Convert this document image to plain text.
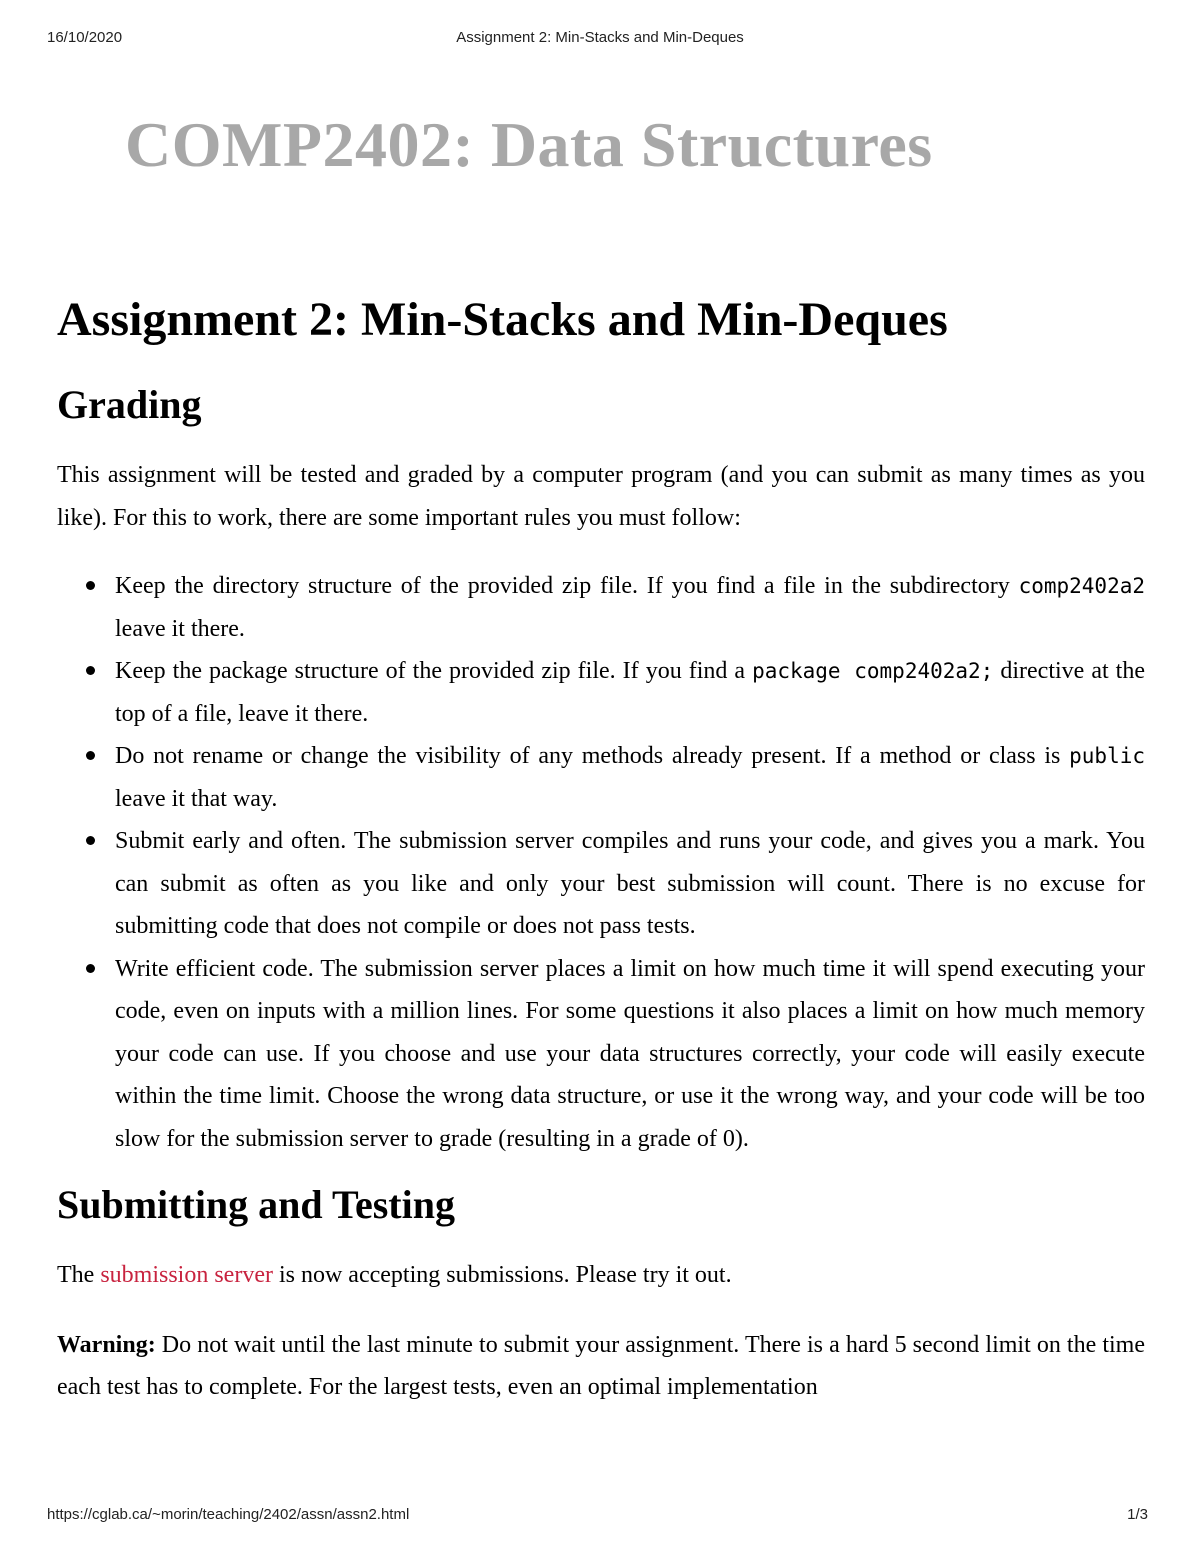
16/10/2020	Assignment 2: Min-Stacks and Min-Deques
COMP2402: Data Structures
Assignment 2: Min-Stacks and Min-Deques
Grading

This assignment will be tested and graded by a computer program (and you can submit as many times as you like). For this to work, there are some important rules you must follow:

Keep the directory structure of the provided zip file. If you find a file in the subdirectory comp2402a2 leave it there.
Keep the package structure of the provided zip file. If you find a package comp2402a2; directive at the top of a file, leave it there.
Do not rename or change the visibility of any methods already present. If a method or class is public leave it that way.
Submit early and often. The submission server compiles and runs your code, and gives you a mark. You can submit as often as you like and only your best submission will count. There is no excuse for submitting code that does not compile or does not pass tests.
Write efficient code. The submission server places a limit on how much time it will spend executing your code, even on inputs with a million lines. For some questions it also places a limit on how much memory your code can use. If you choose and use your data structures correctly, your code will easily execute within the time limit. Choose the wrong data structure, or use it the wrong way, and your code will be too slow for the submission server to grade (resulting in a grade of 0).
Submitting and Testing

The submission server is now accepting submissions. Please try it out.

Warning: Do not wait until the last minute to submit your assignment. There is a hard 5 second limit on the time each test has to complete. For the largest tests, even an optimal implementation

https://cglab.ca/~morin/teaching/2402/assn/assn2.html	1/3
